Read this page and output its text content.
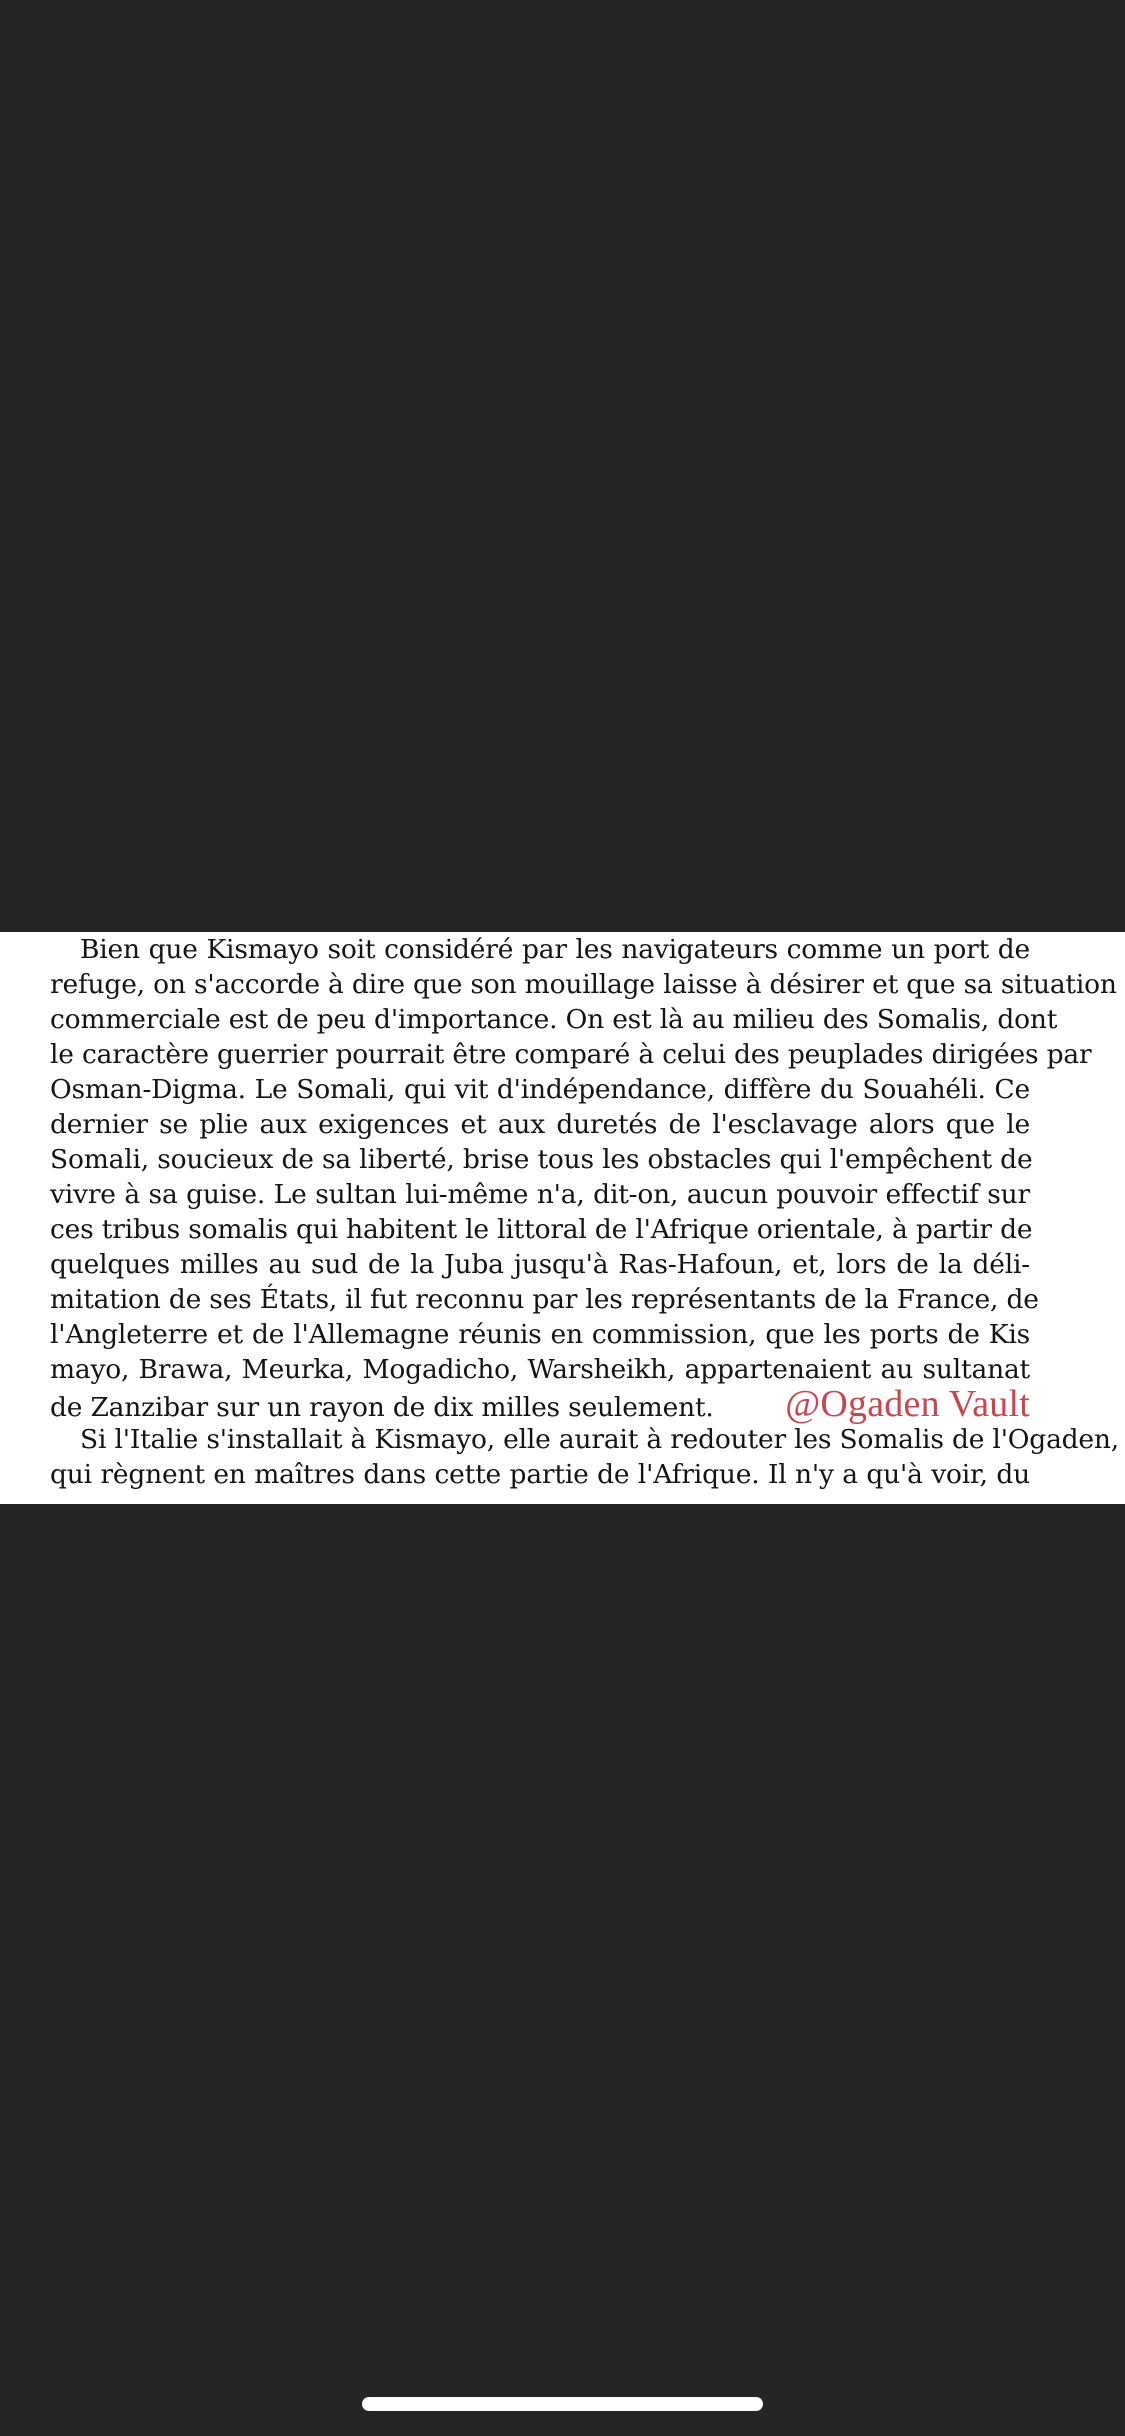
Bien que Kismayo soit considéré par les navigateurs comme un port de
refuge, on s'accorde à dire que son mouillage laisse à désirer et que sa situation
commerciale est de peu d'importance. On est là au milieu des Somalis, dont
le caractère guerrier pourrait être comparé à celui des peuplades dirigées par
Osman-Digma. Le Somali, qui vit d'indépendance, diffère du Souahéli. Ce
dernier se plie aux exigences et aux duretés de l'esclavage alors que le
Somali, soucieux de sa liberté, brise tous les obstacles qui l'empêchent de
vivre à sa guise. Le sultan lui-même n'a, dit-on, aucun pouvoir effectif sur
ces tribus somalis qui habitent le littoral de l'Afrique orientale, à partir de
quelques milles au sud de la Juba jusqu'à Ras-Hafoun, et, lors de la déli-
mitation de ses États, il fut reconnu par les représentants de la France, de
l'Angleterre et de l'Allemagne réunis en commission, que les ports de Kis
mayo, Brawa, Meurka, Mogadicho, Warsheikh, appartenaient au sultanat
de Zanzibar sur un rayon de dix milles seulement. @Ogaden Vault
Si l'Italie s'installait à Kismayo, elle aurait à redouter les Somalis de l'Ogaden,
qui règnent en maîtres dans cette partie de l'Afrique. Il n'y a qu'à voir, du
